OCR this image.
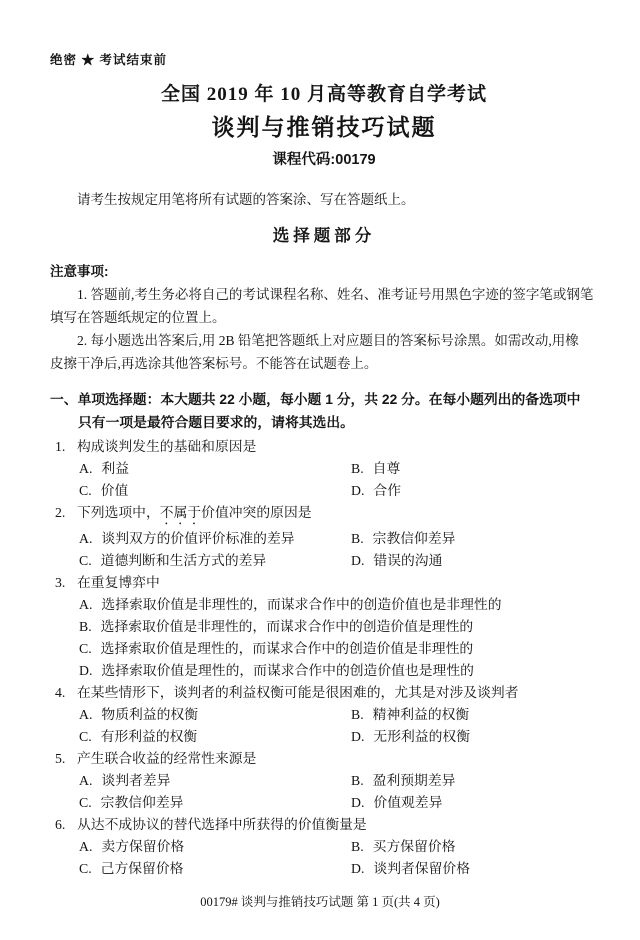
绝密 ★ 考试结束前
全国 2019 年 10 月高等教育自学考试
谈判与推销技巧试题
课程代码:00179
请考生按规定用笔将所有试题的答案涂、写在答题纸上。
选择题部分
注意事项:
1. 答题前,考生务必将自己的考试课程名称、姓名、准考证号用黑色字迹的签字笔或钢笔
填写在答题纸规定的位置上。
2. 每小题选出答案后,用 2B 铅笔把答题纸上对应题目的答案标号涂黑。如需改动,用橡
皮擦干净后,再选涂其他答案标号。不能答在试题卷上。
一、单项选择题：本大题共 22 小题，每小题 1 分，共 22 分。在每小题列出的备选项中
只有一项是最符合题目要求的，请将其选出。
1. 构成谈判发生的基础和原因是
A. 利益	B. 自尊
C. 价值	D. 合作
2. 下列选项中，不属于价值冲突的原因是
A. 谈判双方的价值评价标准的差异	B. 宗教信仰差异
C. 道德判断和生活方式的差异	D. 错误的沟通
3. 在重复博弈中
A. 选择索取价值是非理性的，而谋求合作中的创造价值也是非理性的
B. 选择索取价值是非理性的，而谋求合作中的创造价值是理性的
C. 选择索取价值是理性的，而谋求合作中的创造价值是非理性的
D. 选择索取价值是理性的，而谋求合作中的创造价值也是理性的
4. 在某些情形下，谈判者的利益权衡可能是很困难的，尤其是对涉及谈判者
A. 物质利益的权衡	B. 精神利益的权衡
C. 有形利益的权衡	D. 无形利益的权衡
5. 产生联合收益的经常性来源是
A. 谈判者差异	B. 盈利预期差异
C. 宗教信仰差异	D. 价值观差异
6. 从达不成协议的替代选择中所获得的价值衡量是
A. 卖方保留价格	B. 买方保留价格
C. 己方保留价格	D. 谈判者保留价格
00179# 谈判与推销技巧试题 第 1 页(共 4 页)
